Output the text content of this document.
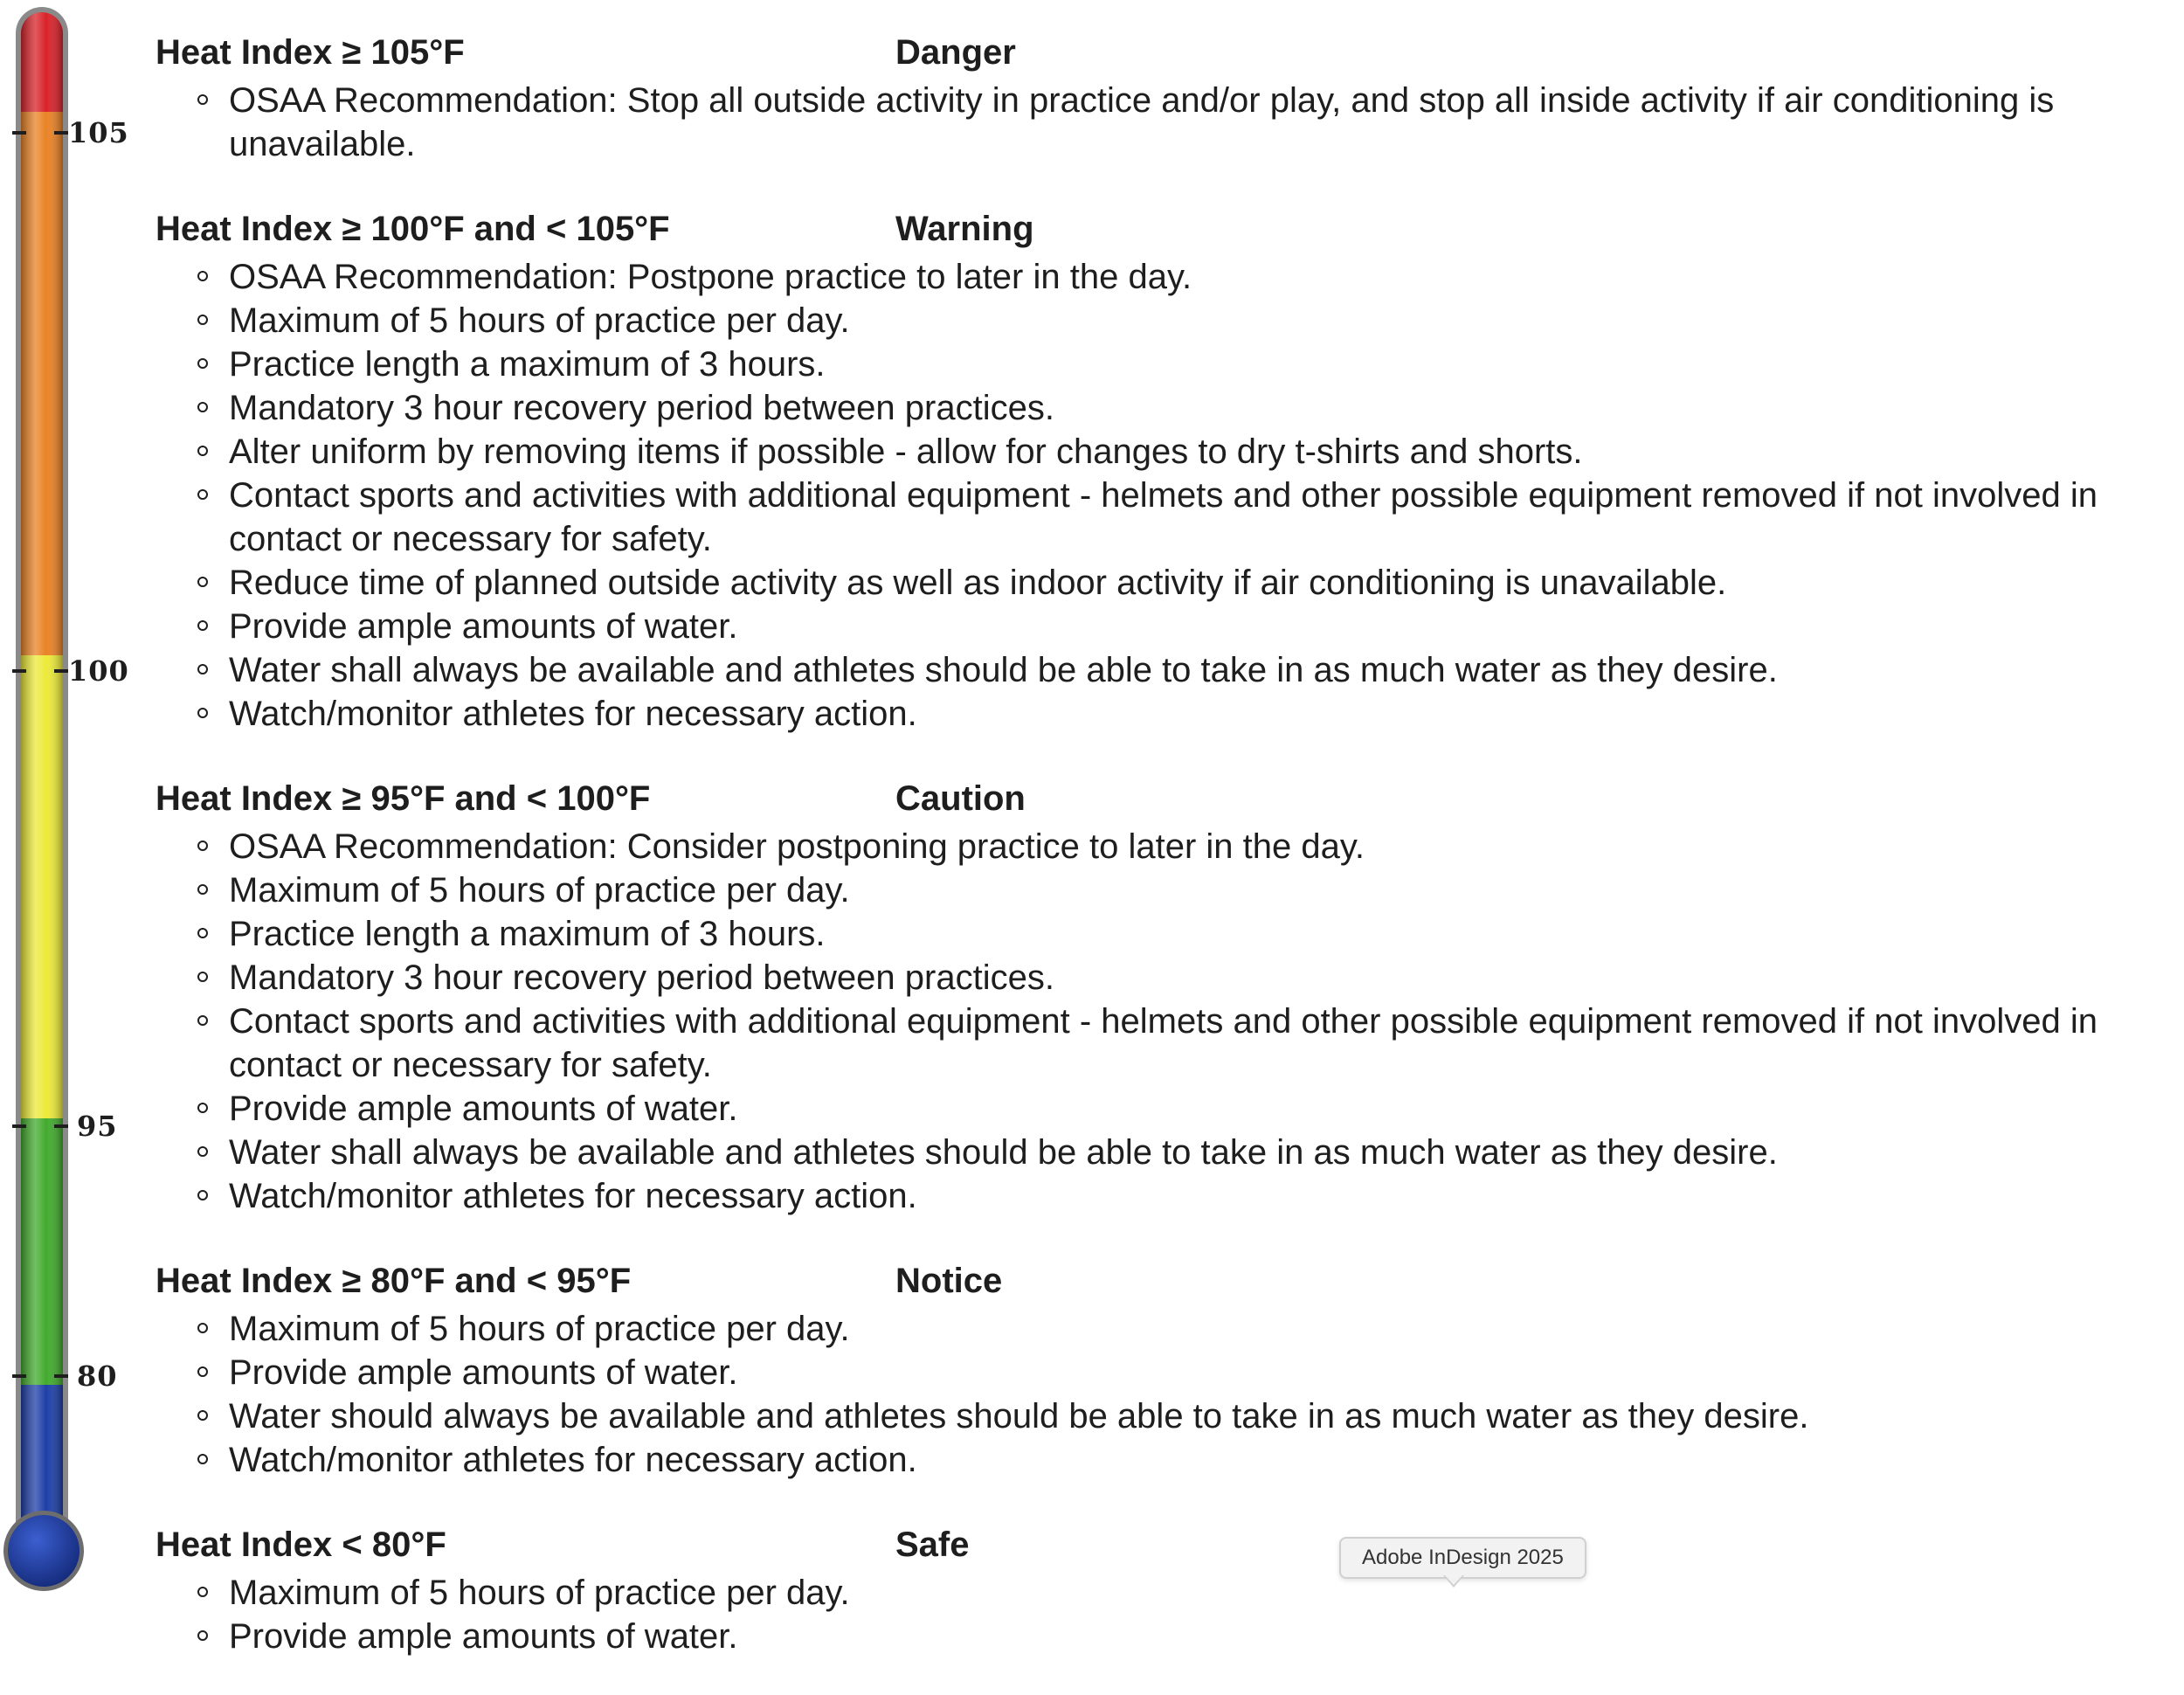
105
100
95
80
Heat Index ≥ 105°F	Danger
OSAA Recommendation: Stop all outside activity in practice and/or play, and stop all inside activity if air conditioning is unavailable.
Heat Index ≥ 100°F and < 105°F	Warning
OSAA Recommendation: Postpone practice to later in the day.
Maximum of 5 hours of practice per day.
Practice length a maximum of 3 hours.
Mandatory 3 hour recovery period between practices.
Alter uniform by removing items if possible - allow for changes to dry t-shirts and shorts.
Contact sports and activities with additional equipment - helmets and other possible equipment removed if not involved in contact or necessary for safety.
Reduce time of planned outside activity as well as indoor activity if air conditioning is unavailable.
Provide ample amounts of water.
Water shall always be available and athletes should be able to take in as much water as they desire.
Watch/monitor athletes for necessary action.
Heat Index ≥ 95°F and < 100°F	Caution
OSAA Recommendation: Consider postponing practice to later in the day.
Maximum of 5 hours of practice per day.
Practice length a maximum of 3 hours.
Mandatory 3 hour recovery period between practices.
Contact sports and activities with additional equipment - helmets and other possible equipment removed if not involved in contact or necessary for safety.
Provide ample amounts of water.
Water shall always be available and athletes should be able to take in as much water as they desire.
Watch/monitor athletes for necessary action.
Heat Index ≥ 80°F and < 95°F	Notice
Maximum of 5 hours of practice per day.
Provide ample amounts of water.
Water should always be available and athletes should be able to take in as much water as they desire.
Watch/monitor athletes for necessary action.
Heat Index < 80°F	Safe
Maximum of 5 hours of practice per day.
Provide ample amounts of water.
Adobe InDesign 2025
